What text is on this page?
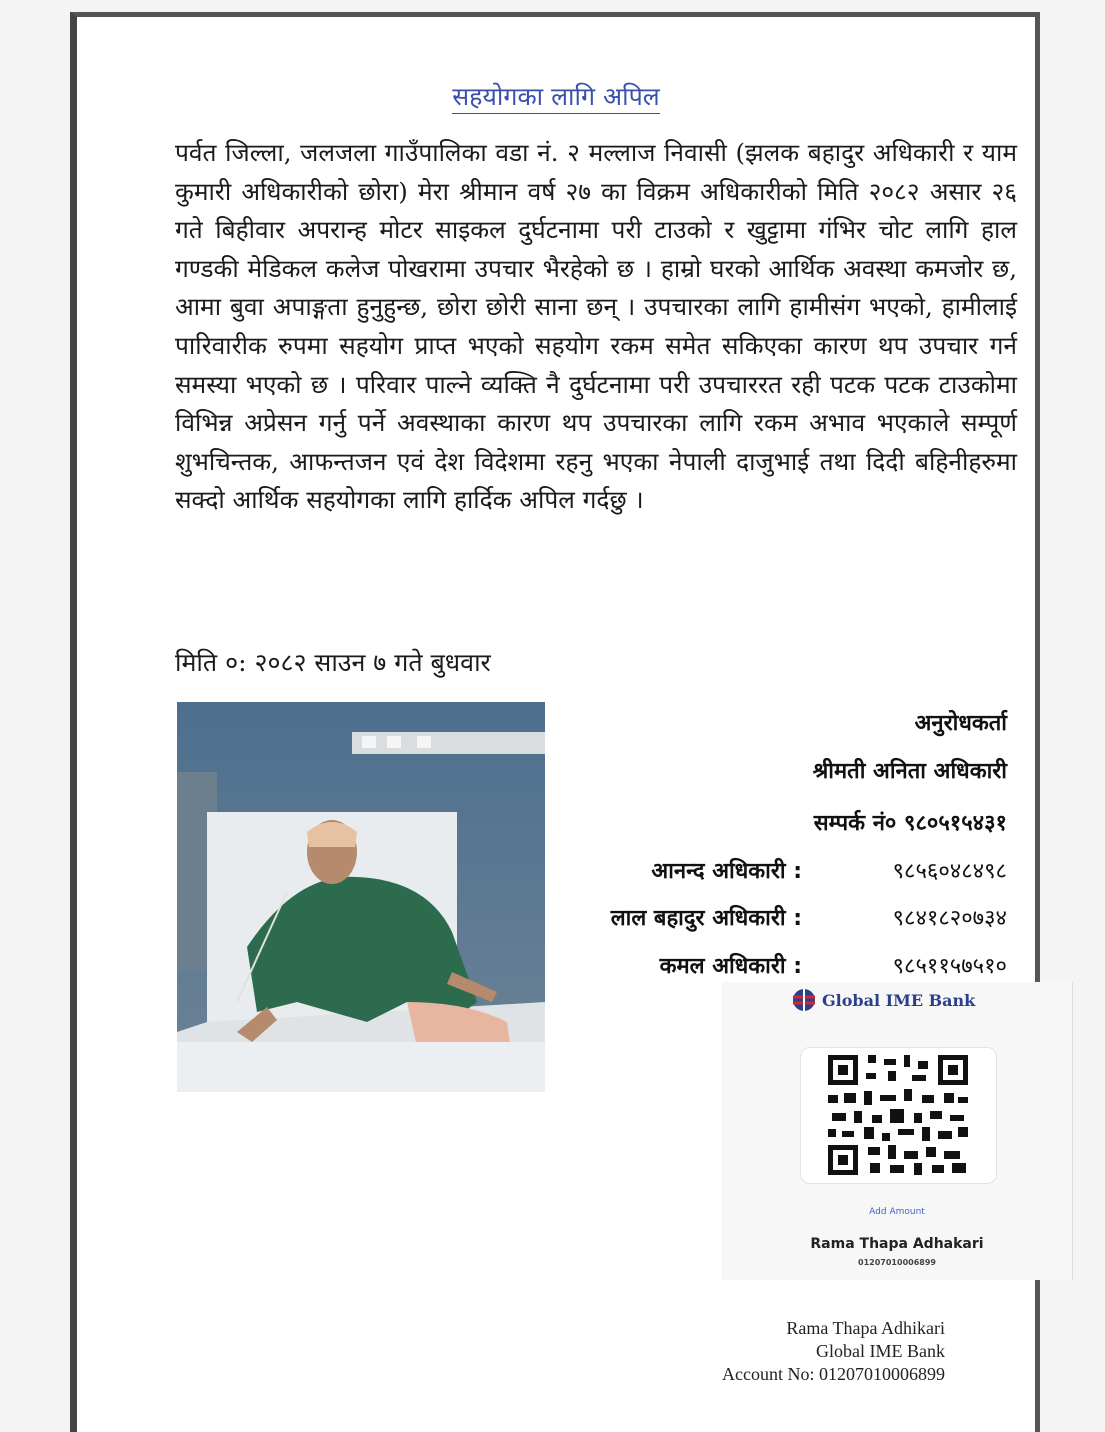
सहयोगका लागि अपिल
पर्वत जिल्ला, जलजला गाउँपालिका वडा नं. २ मल्लाज निवासी (झलक बहादुर अधिकारी र याम कुमारी अधिकारीको छोरा) मेरा श्रीमान वर्ष २७ का विक्रम अधिकारीको मिति २०८२ असार २६ गते बिहीवार अपरान्ह मोटर साइकल दुर्घटनामा परी टाउको र खुट्टामा गंभिर चोट लागि हाल गण्डकी मेडिकल कलेज पोखरामा उपचार भैरहेको छ । हाम्रो घरको आर्थिक अवस्था कमजोर छ, आमा बुवा अपाङ्गता हुनुहुन्छ, छोरा छोरी साना छन् । उपचारका लागि हामीसंग भएको, हामीलाई पारिवारीक रुपमा सहयोग प्राप्त भएको सहयोग रकम समेत सकिएका कारण थप उपचार गर्न समस्या भएको छ । परिवार पाल्ने व्यक्ति नै दुर्घटनामा परी उपचाररत रही पटक पटक टाउकोमा विभिन्न अप्रेसन गर्नु पर्ने अवस्थाका कारण थप उपचारका लागि रकम अभाव भएकाले सम्पूर्ण शुभचिन्तक, आफन्तजन एवं देश विदेशमा रहनु भएका नेपाली दाजुभाई तथा दिदी बहिनीहरुमा सक्दो आर्थिक सहयोगका लागि हार्दिक अपिल गर्दछु ।
मिति ०: २०८२ साउन ७ गते बुधवार
अनुरोधकर्ता
श्रीमती अनिता अधिकारी
सम्पर्क नं० ९८०५१५४३१
आनन्द अधिकारी :	९८५६०४८४९८
लाल बहादुर अधिकारी :	९८४१८२०७३४
कमल अधिकारी :	९८५११५७५१०
Global IME Bank
Add Amount
Rama Thapa Adhakari
01207010006899
Rama Thapa Adhikari
Global IME Bank
Account No: 01207010006899
